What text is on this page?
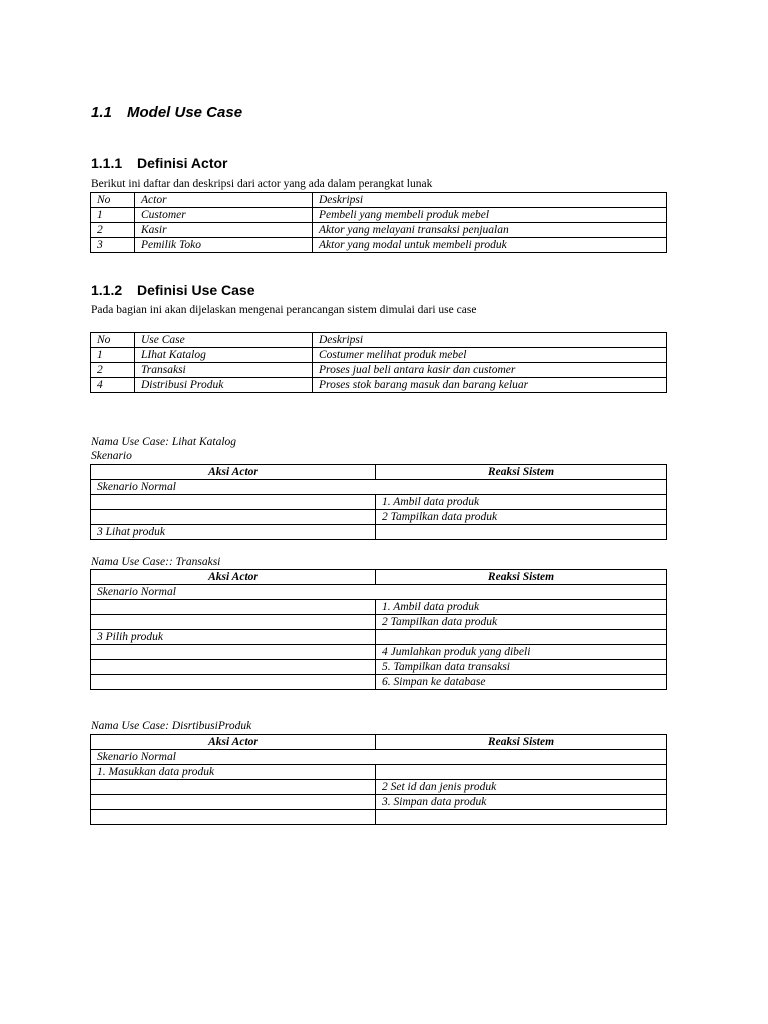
1.1 Model Use Case
1.1.1 Definisi Actor

Berikut ini daftar dan deskripsi dari actor yang ada dalam perangkat lunak

No	Actor	Deskripsi
1	Customer	Pembeli yang membeli produk mebel
2	Kasir	Aktor yang melayani transaksi penjualan
3	Pemilik Toko	Aktor yang modal untuk membeli produk
1.1.2 Definisi Use Case

Pada bagian ini akan dijelaskan mengenai perancangan sistem dimulai dari use case

No	Use Case	Deskripsi
1	LIhat Katalog	Costumer melihat produk mebel
2	Transaksi	Proses jual beli antara kasir dan customer
4	Distribusi Produk	Proses stok barang masuk dan barang keluar

Nama Use Case: Lihat Katalog

Skenario

Aksi Actor	Reaksi Sistem
Skenario Normal	
	1. Ambil data produk
	2 Tampilkan data produk
3 Lihat produk	

Nama Use Case:: Transaksi

Aksi Actor	Reaksi Sistem
Skenario Normal	
	1. Ambil data produk
	2 Tampilkan data produk
3 Pilih produk	
	4 Jumlahkan produk yang dibeli
	5. Tampilkan data transaksi
	6. Simpan ke database

Nama Use Case: DisrtibusiProduk

Aksi Actor	Reaksi Sistem
Skenario Normal	
1. Masukkan data produk	
	2 Set id dan jenis produk
	3. Simpan data produk
